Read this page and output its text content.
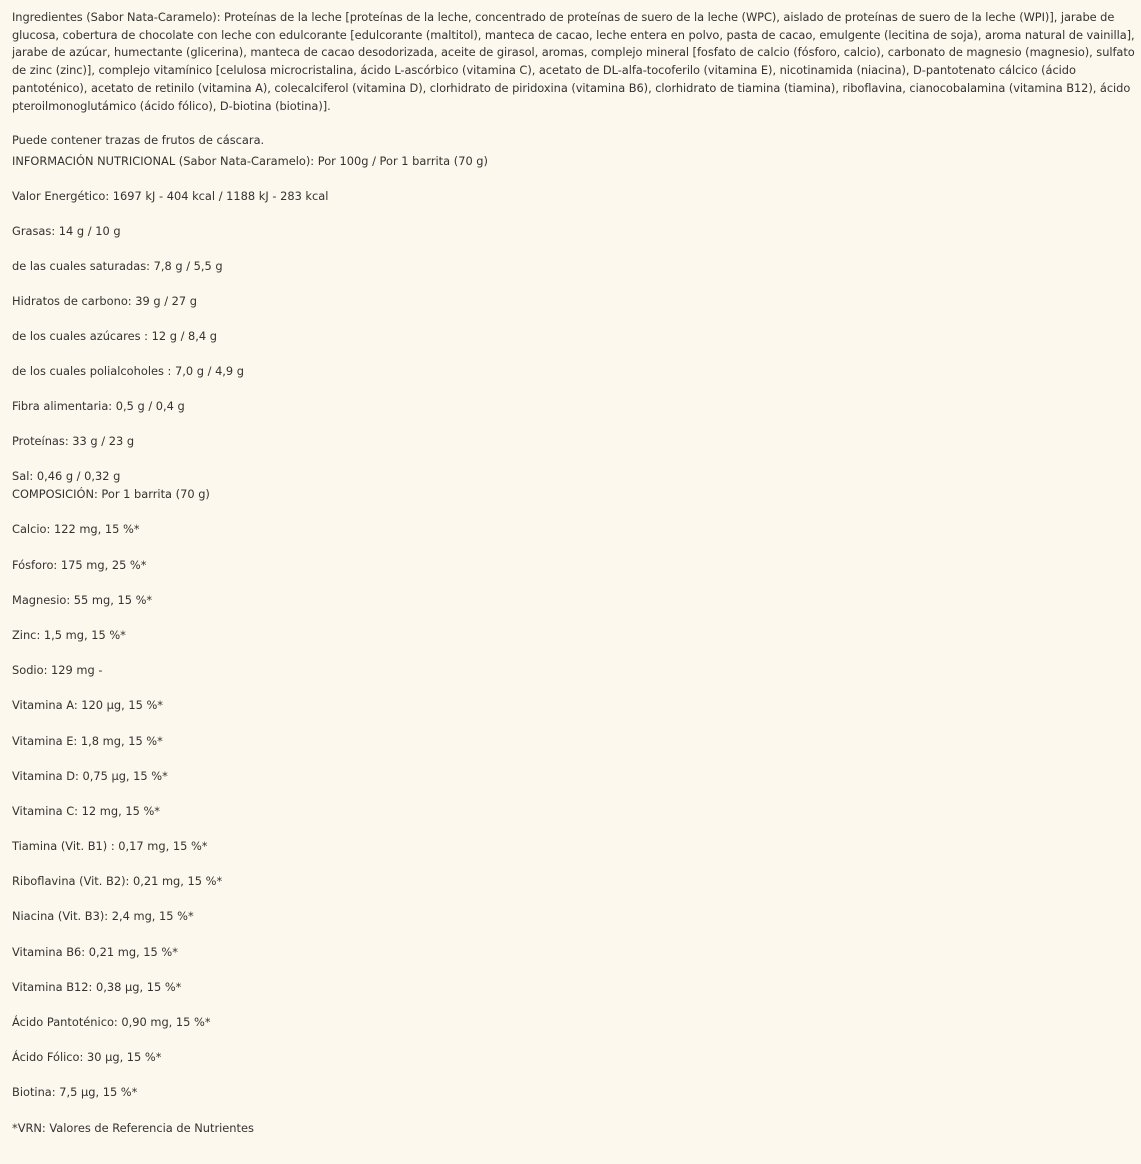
Ingredientes (Sabor Nata-Caramelo): Proteínas de la leche [proteínas de la leche, concentrado de proteínas de suero de la leche (WPC), aislado de proteínas de suero de la leche (WPI)], jarabe de glucosa, cobertura de chocolate con leche con edulcorante [edulcorante (maltitol), manteca de cacao, leche entera en polvo, pasta de cacao, emulgente (lecitina de soja), aroma natural de vainilla], jarabe de azúcar, humectante (glicerina), manteca de cacao desodorizada, aceite de girasol, aromas, complejo mineral [fosfato de calcio (fósforo, calcio), carbonato de magnesio (magnesio), sulfato de zinc (zinc)], complejo vitamínico [celulosa microcristalina, ácido L-ascórbico (vitamina C), acetato de DL-alfa-tocoferilo (vitamina E), nicotinamida (niacina), D-pantotenato cálcico (ácido pantoténico), acetato de retinilo (vitamina A), colecalciferol (vitamina D), clorhidrato de piridoxina (vitamina B6), clorhidrato de tiamina (tiamina), riboflavina, cianocobalamina (vitamina B12), ácido pteroilmonoglutámico (ácido fólico), D-biotina (biotina)].

Puede contener trazas de frutos de cáscara.

INFORMACIÓN NUTRICIONAL (Sabor Nata-Caramelo): Por 100g / Por 1 barrita (70 g)

Valor Energético: 1697 kJ - 404 kcal / 1188 kJ - 283 kcal

Grasas: 14 g / 10 g

de las cuales saturadas: 7,8 g / 5,5 g

Hidratos de carbono: 39 g / 27 g

de los cuales azúcares : 12 g / 8,4 g

de los cuales polialcoholes : 7,0 g / 4,9 g

Fibra alimentaria: 0,5 g / 0,4 g

Proteínas: 33 g / 23 g

Sal: 0,46 g / 0,32 g

COMPOSICIÓN: Por 1 barrita (70 g)

Calcio: 122 mg, 15 %*

Fósforo: 175 mg, 25 %*

Magnesio: 55 mg, 15 %*

Zinc: 1,5 mg, 15 %*

Sodio: 129 mg -

Vitamina A: 120 µg, 15 %*

Vitamina E: 1,8 mg, 15 %*

Vitamina D: 0,75 µg, 15 %*

Vitamina C: 12 mg, 15 %*

Tiamina (Vit. B1) : 0,17 mg, 15 %*

Riboflavina (Vit. B2): 0,21 mg, 15 %*

Niacina (Vit. B3): 2,4 mg, 15 %*

Vitamina B6: 0,21 mg, 15 %*

Vitamina B12: 0,38 µg, 15 %*

Ácido Pantoténico: 0,90 mg, 15 %*

Ácido Fólico: 30 µg, 15 %*

Biotina: 7,5 µg, 15 %*

*VRN: Valores de Referencia de Nutrientes
